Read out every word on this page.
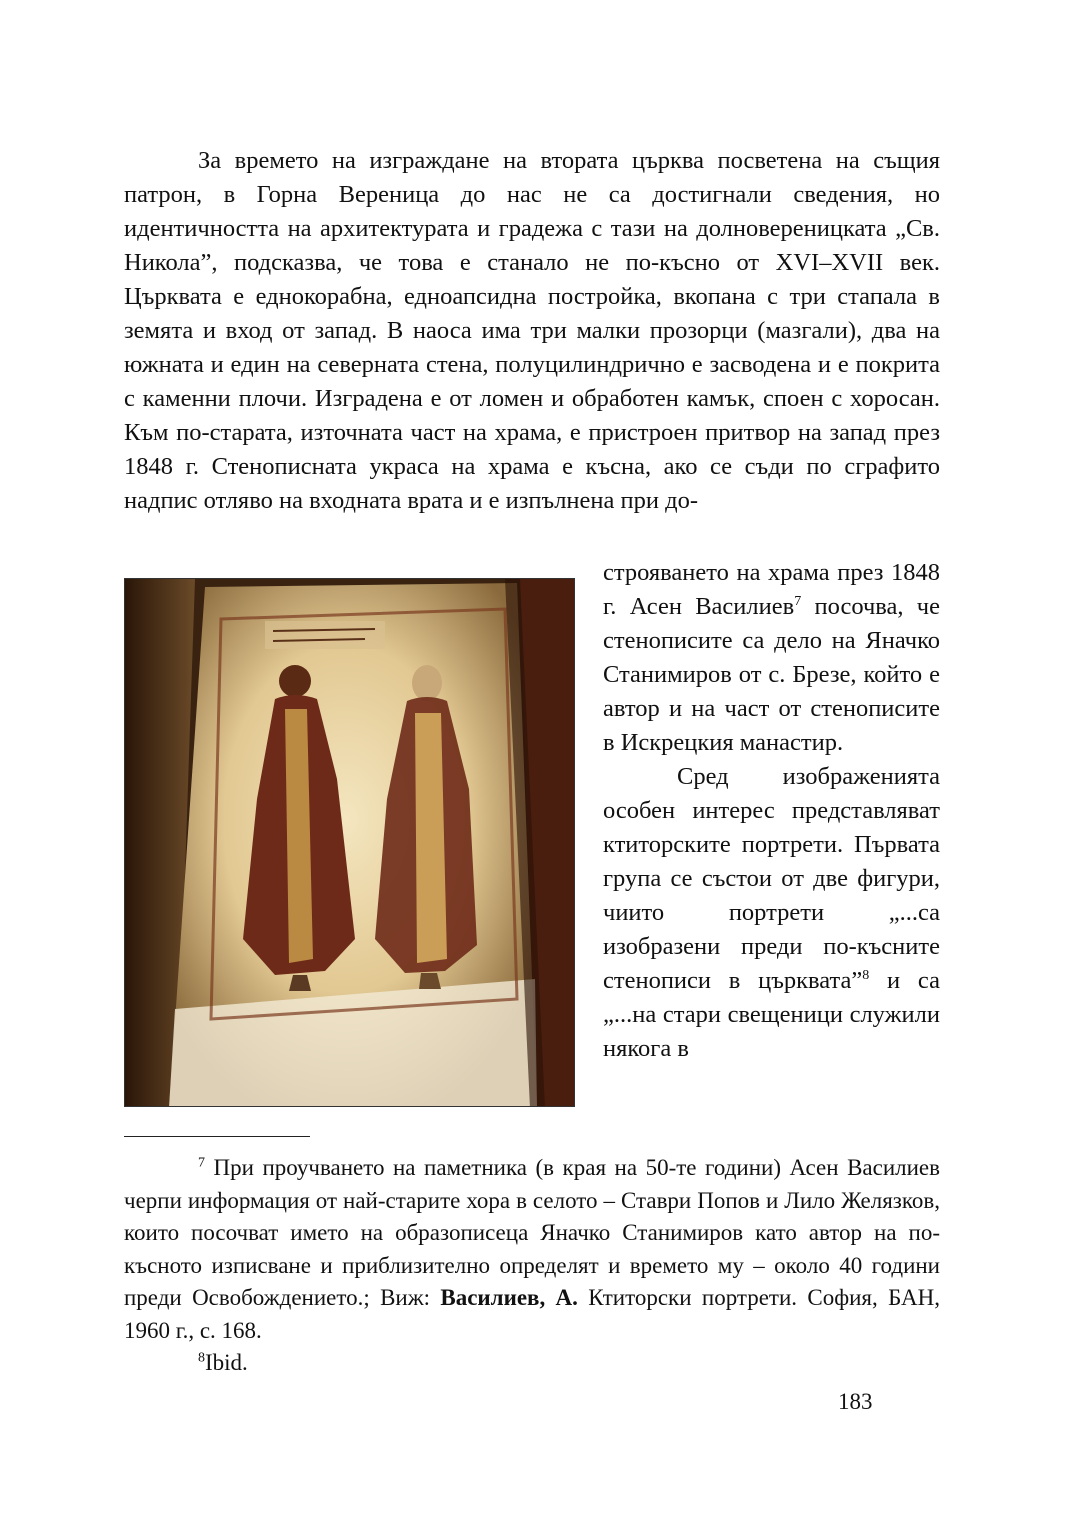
За времето на изграждане на втората църква посветена на същия патрон, в Горна Вереница до нас не са достигнали сведения, но идентичността на архитектурата и градежа с тази на долновереницката „Св. Никола”, подсказва, че това е станало не по-късно от XVI–XVII век. Църквата е еднокорабна, едноапсидна постройка, вкопана с три стапала в земята и вход от запад. В наоса има три малки прозорци (мазгали), два на южната и един на северната стена, полуцилиндрично е засводена и е покрита с каменни плочи. Изградена е от ломен и обработен камък, споен с хоросан. Към по-старата, източната част на храма, е пристроен притвор на запад през 1848 г. Стенописната украса на храма е късна, ако се съди по сграфито надпис отляво на входната врата и е изпълнена при до-

строяването на храма през 1848 г. Асен Василиев$^7$ посочва, че стенописите са дело на Яначко Станимиров от с. Брезе, който е автор и на част от стенописите в Искрецкия манастир.

Сред изображенията особен интерес представляват ктиторските портрети. Първата група се състои от две фигури, чиито портрети „...са изобразени преди по-късните стенописи в църквата”$^8$ и са „...на стари свещеници служили някога в

$^7$ При проучването на паметника (в края на 50-те години) Асен Василиев черпи информация от най-старите хора в селото – Ставри Попов и Лило Желязков, които посочват името на образописеца Яначко Станимиров като автор на по-късното изписване и приблизително определят и времето му – около 40 години преди Освобождението.; Виж: Василиев, А. Ктиторски портрети. София, БАН, 1960 г., с. 168.

$^8$Ibid.

183
